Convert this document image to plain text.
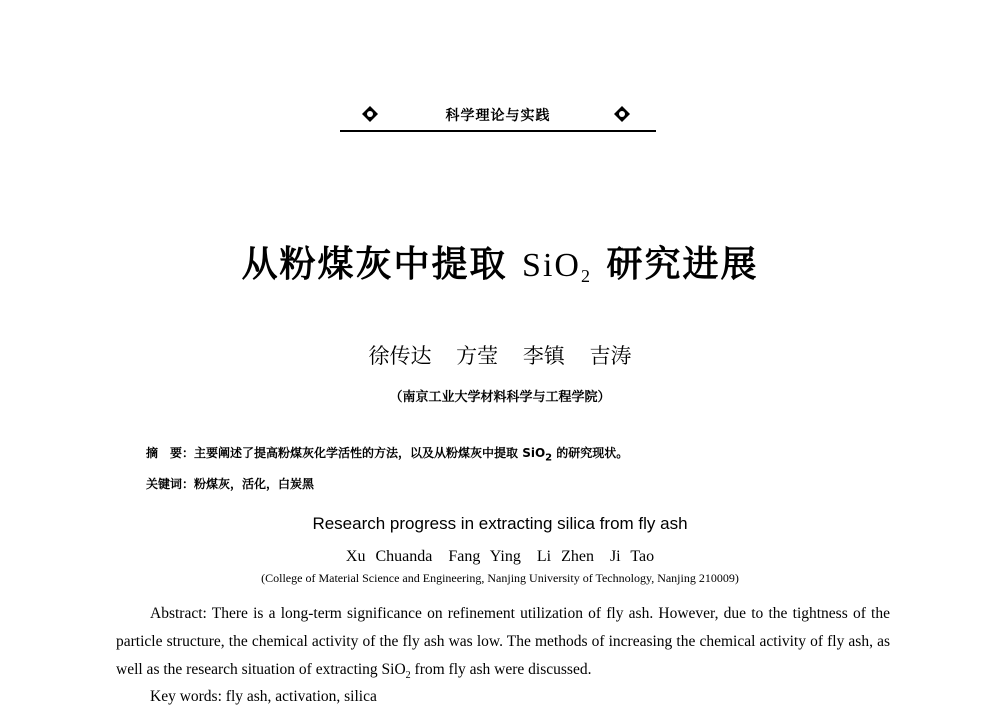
科学理论与实践
从粉煤灰中提取 SiO$_2$ 研究进展
徐传达 方莹 李镇 吉涛
（南京工业大学材料科学与工程学院）
摘　要：主要阐述了提高粉煤灰化学活性的方法，以及从粉煤灰中提取 SiO$_2$ 的研究现状。
关键词：粉煤灰，活化，白炭黑
Research progress in extracting silica from fly ash
Xu Chuanda　Fang Ying　Li Zhen　Ji Tao
(College of Material Science and Engineering, Nanjing University of Technology, Nanjing 210009)
Abstract: There is a long-term significance on refinement utilization of fly ash. However, due to the tightness of the particle structure, the chemical activity of the fly ash was low. The methods of increasing the chemical activity of fly ash, as well as the research situation of extracting SiO$_2$ from fly ash were discussed.
Key words: fly ash, activation, silica
